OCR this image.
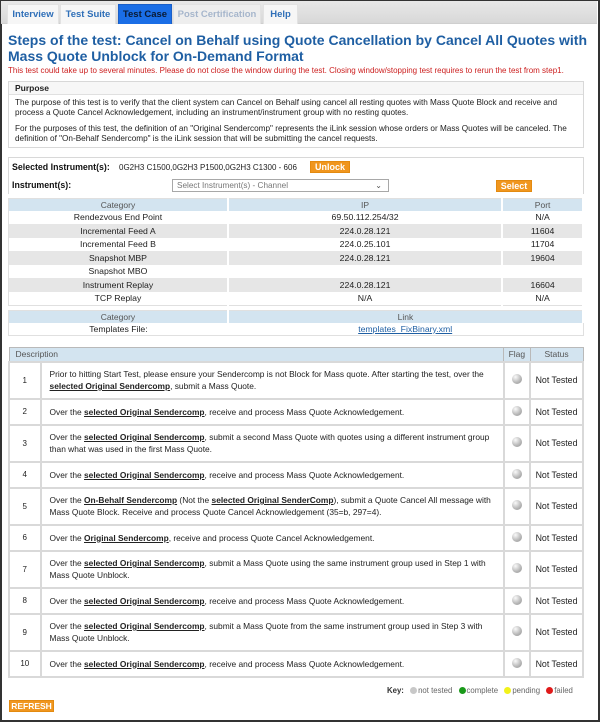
Interview	Test Suite	Test Case	Post Certification	Help
Steps of the test: Cancel on Behalf using Quote Cancellation by Cancel All Quotes with Mass Quote Unblock for On-Demand Format
This test could take up to several minutes. Please do not close the window during the test. Closing window/stopping test requires to rerun the test from step1.
Purpose

The purpose of this test is to verify that the client system can Cancel on Behalf using cancel all resting quotes with Mass Quote Block and receive and process a Quote Cancel Acknowledgement, including an instrument/instrument group with no resting quotes.

For the purposes of this test, the definition of an "Original Sendercomp" represents the iLink session whose orders or Mass Quotes will be canceled. The definition of "On-Behalf Sendercomp" is the iLink session that will be submitting the cancel requests.

Selected Instrument(s): 0G2H3 C1500,0G2H3 P1500,0G2H3 C1300 - 606	Unlock
Instrument(s):	Select Instrument(s) - Channel	⌄	Select
Category	IP	Port
Rendezvous End Point	69.50.112.254/32	N/A
Incremental Feed A	224.0.28.121	11604
Incremental Feed B	224.0.25.101	11704
Snapshot MBP	224.0.28.121	19604
Snapshot MBO		
Instrument Replay	224.0.28.121	16604
TCP Replay	N/A	N/A
Category	Link
Templates File:	templates_FixBinary.xml
Description		Flag	Status
1	Prior to hitting Start Test, please ensure your Sendercomp is not Block for Mass quote. After starting the test, over the selected Original Sendercomp, submit a Mass Quote.		Not Tested
2	Over the selected Original Sendercomp, receive and process Mass Quote Acknowledgement.		Not Tested
3	Over the selected Original Sendercomp, submit a second Mass Quote with quotes using a different instrument group than what was used in the first Mass Quote.		Not Tested
4	Over the selected Original Sendercomp, receive and process Mass Quote Acknowledgement.		Not Tested
5	Over the On-Behalf Sendercomp (Not the selected Original SenderComp), submit a Quote Cancel All message with Mass Quote Block. Receive and process Quote Cancel Acknowledgement (35=b, 297=4).		Not Tested
6	Over the Original Sendercomp, receive and process Quote Cancel Acknowledgement.		Not Tested
7	Over the selected Original Sendercomp, submit a Mass Quote using the same instrument group used in Step 1 with Mass Quote Unblock.		Not Tested
8	Over the selected Original Sendercomp, receive and process Mass Quote Acknowledgement.		Not Tested
9	Over the selected Original Sendercomp, submit a Mass Quote from the same instrument group used in Step 3 with Mass Quote Unblock.		Not Tested
10	Over the selected Original Sendercomp, receive and process Mass Quote Acknowledgement.		Not Tested
Key: not tested complete pending failed
REFRESH
